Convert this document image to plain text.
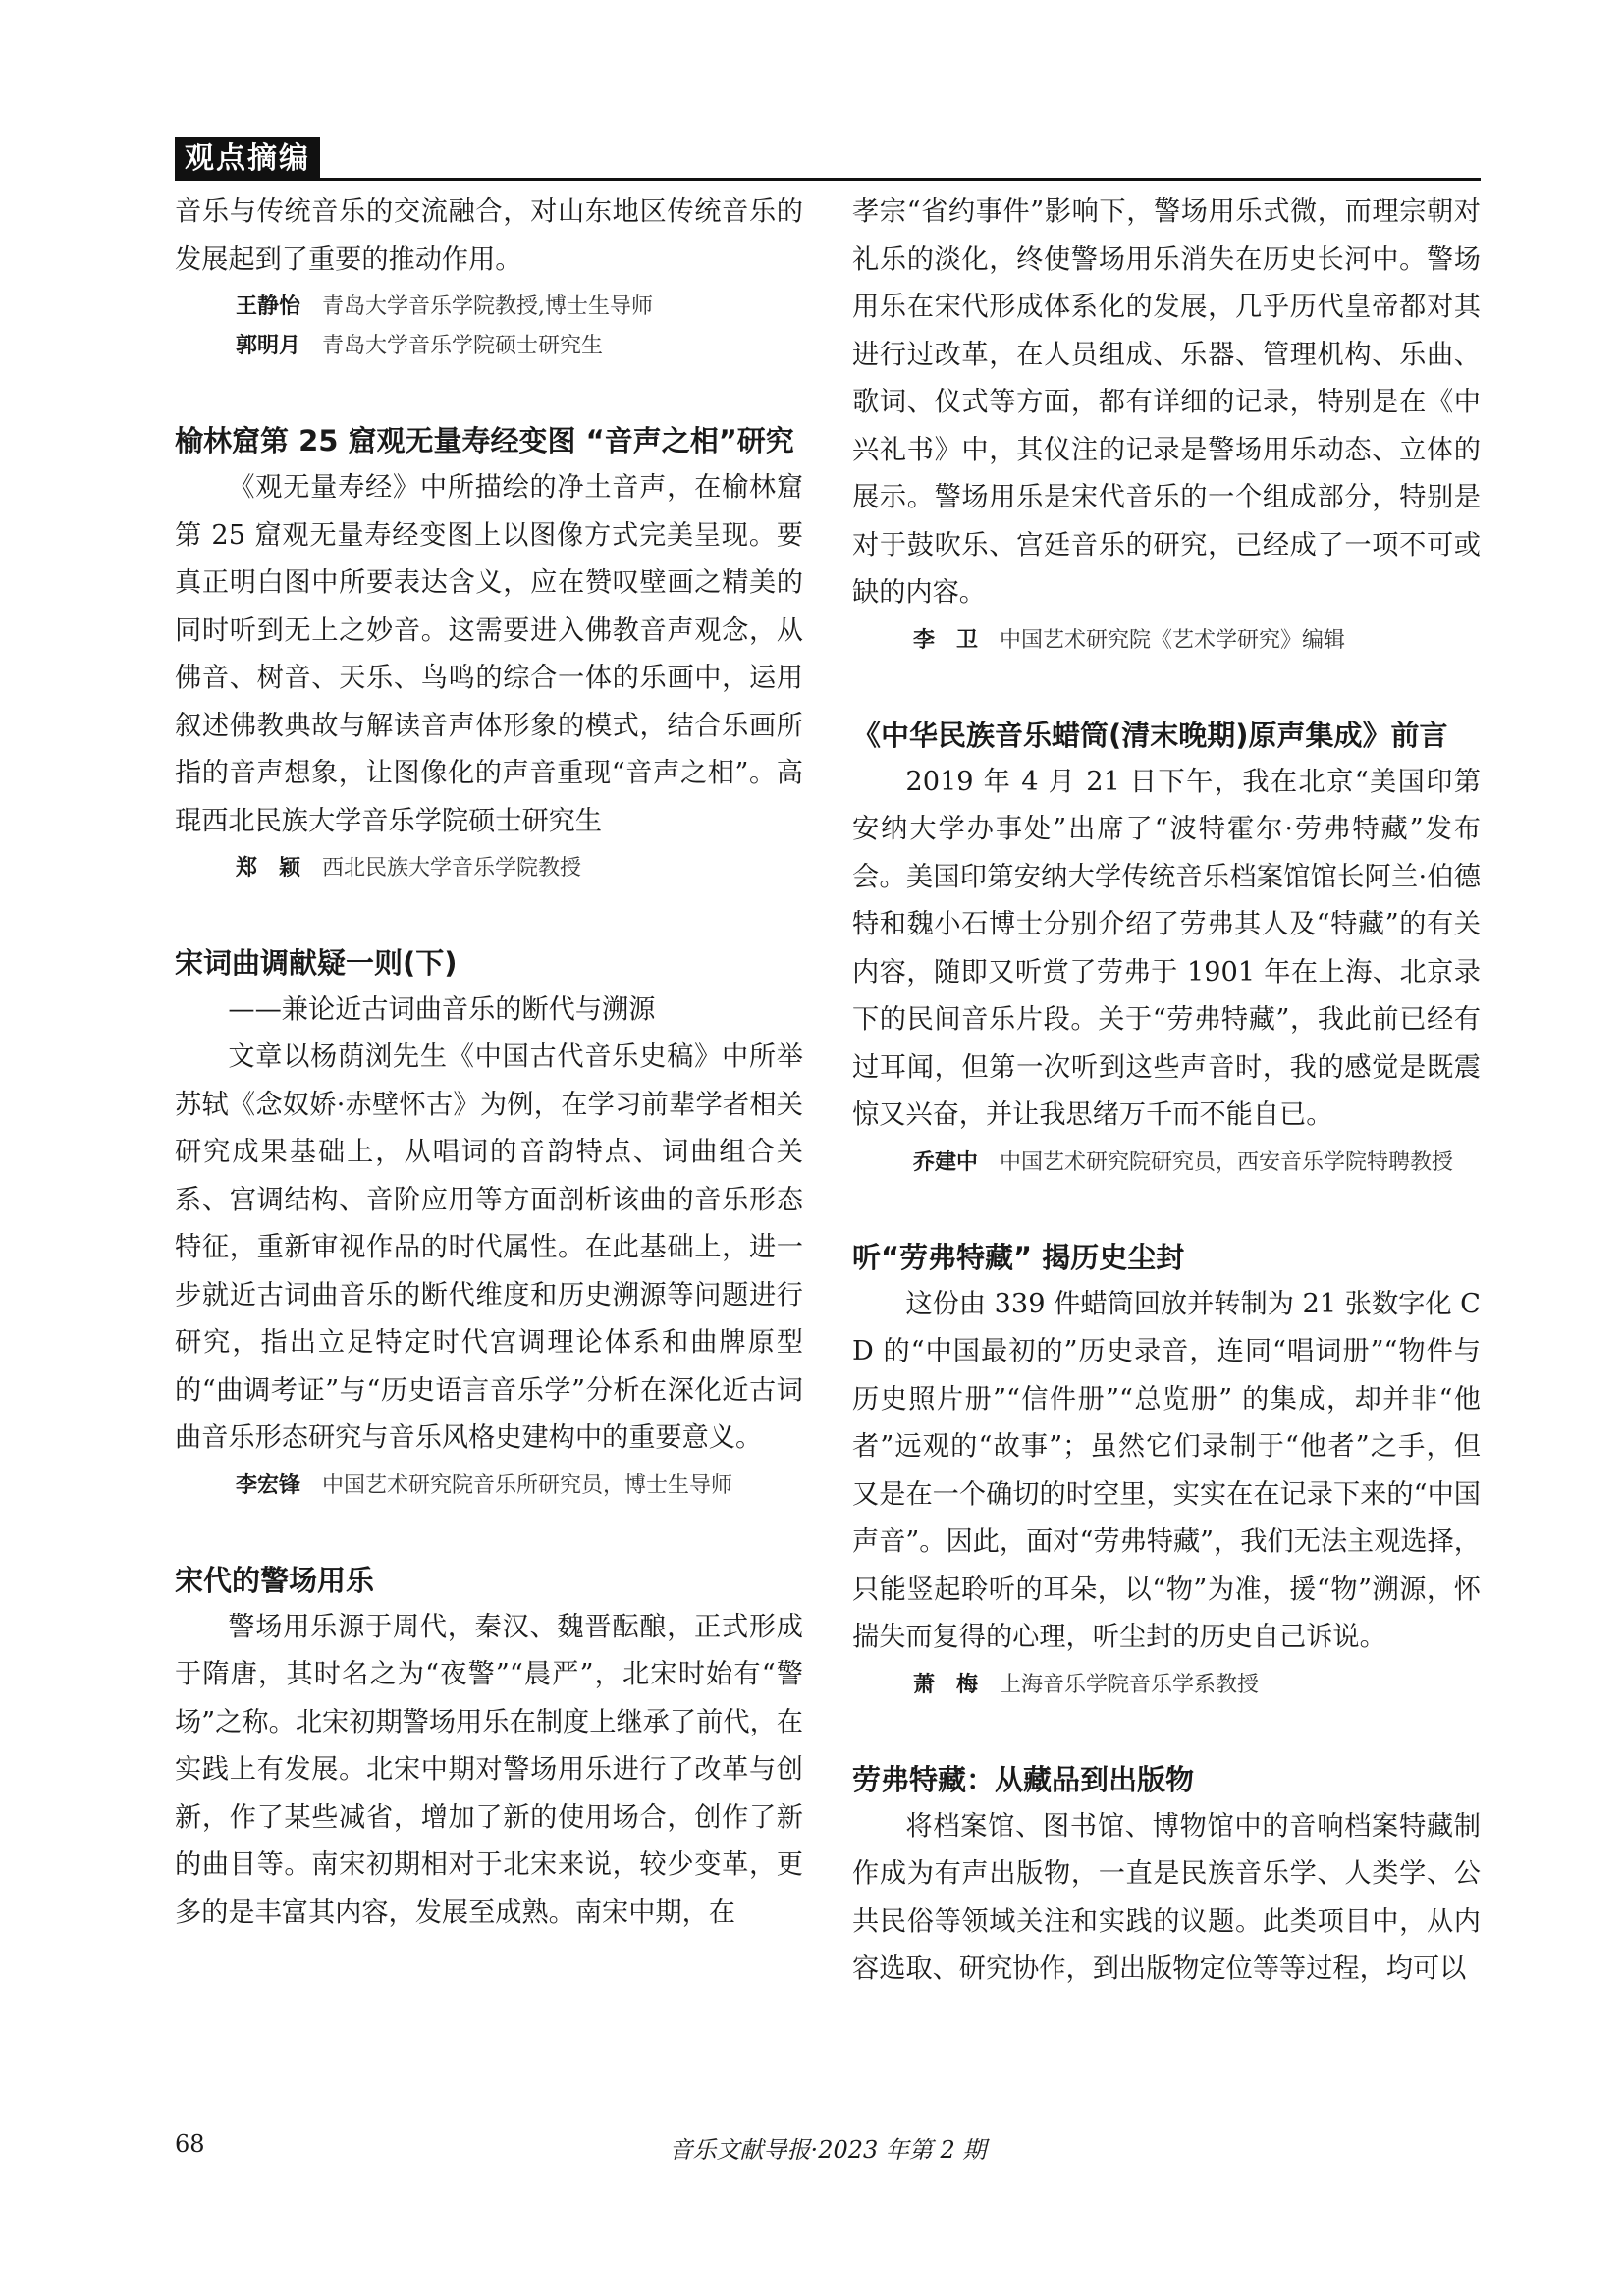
观点摘编

音乐与传统音乐的交流融合，对山东地区传统音乐的发展起到了重要的推动作用。

王静怡 青岛大学音乐学院教授,博士生导师
郭明月 青岛大学音乐学院硕士研究生
榆林窟第 25 窟观无量寿经变图 “音声之相”研究

《观无量寿经》中所描绘的净土音声，在榆林窟第 25 窟观无量寿经变图上以图像方式完美呈现。要真正明白图中所要表达含义，应在赞叹壁画之精美的同时听到无上之妙音。这需要进入佛教音声观念，从佛音、树音、天乐、鸟鸣的综合一体的乐画中，运用叙述佛教典故与解读音声体形象的模式，结合乐画所指的音声想象，让图像化的声音重现“音声之相”。高琨西北民族大学音乐学院硕士研究生

郑　颖 西北民族大学音乐学院教授
宋词曲调献疑一则(下)

——兼论近古词曲音乐的断代与溯源

文章以杨荫浏先生《中国古代音乐史稿》中所举苏轼《念奴娇·赤壁怀古》为例，在学习前辈学者相关研究成果基础上，从唱词的音韵特点、词曲组合关系、宫调结构、音阶应用等方面剖析该曲的音乐形态特征，重新审视作品的时代属性。在此基础上，进一步就近古词曲音乐的断代维度和历史溯源等问题进行研究，指出立足特定时代宫调理论体系和曲牌原型的“曲调考证”与“历史语言音乐学”分析在深化近古词曲音乐形态研究与音乐风格史建构中的重要意义。

李宏锋 中国艺术研究院音乐所研究员，博士生导师
宋代的警场用乐

警场用乐源于周代，秦汉、魏晋酝酿，正式形成于隋唐，其时名之为“夜警”“晨严”，北宋时始有“警场”之称。北宋初期警场用乐在制度上继承了前代，在实践上有发展。北宋中期对警场用乐进行了改革与创新，作了某些减省，增加了新的使用场合，创作了新的曲目等。南宋初期相对于北宋来说，较少变革，更多的是丰富其内容，发展至成熟。南宋中期，在

孝宗“省约事件”影响下，警场用乐式微，而理宗朝对礼乐的淡化，终使警场用乐消失在历史长河中。警场用乐在宋代形成体系化的发展，几乎历代皇帝都对其进行过改革，在人员组成、乐器、管理机构、乐曲、歌词、仪式等方面，都有详细的记录，特别是在《中兴礼书》中，其仪注的记录是警场用乐动态、立体的展示。警场用乐是宋代音乐的一个组成部分，特别是对于鼓吹乐、宫廷音乐的研究，已经成了一项不可或缺的内容。

李　卫 中国艺术研究院《艺术学研究》编辑
《中华民族音乐蜡筒(清末晚期)原声集成》前言

2019 年 4 月 21 日下午，我在北京“美国印第安纳大学办事处”出席了“波特霍尔·劳弗特藏”发布会。美国印第安纳大学传统音乐档案馆馆长阿兰·伯德特和魏小石博士分别介绍了劳弗其人及“特藏”的有关内容，随即又听赏了劳弗于 1901 年在上海、北京录下的民间音乐片段。关于“劳弗特藏”，我此前已经有过耳闻，但第一次听到这些声音时，我的感觉是既震惊又兴奋，并让我思绪万千而不能自已。

乔建中 中国艺术研究院研究员，西安音乐学院特聘教授
听“劳弗特藏” 揭历史尘封

这份由 339 件蜡筒回放并转制为 21 张数字化 CD 的“中国最初的”历史录音，连同“唱词册”“物件与历史照片册”“信件册”“总览册” 的集成，却并非“他者”远观的“故事”；虽然它们录制于“他者”之手，但又是在一个确切的时空里，实实在在记录下来的“中国声音”。因此，面对“劳弗特藏”，我们无法主观选择，只能竖起聆听的耳朵，以“物”为准，援“物”溯源，怀揣失而复得的心理，听尘封的历史自己诉说。

萧　梅 上海音乐学院音乐学系教授
劳弗特藏：从藏品到出版物

将档案馆、图书馆、博物馆中的音响档案特藏制作成为有声出版物，一直是民族音乐学、人类学、公共民俗等领域关注和实践的议题。此类项目中，从内容选取、研究协作，到出版物定位等等过程，均可以

68	音乐文献导报·2023 年第 2 期
